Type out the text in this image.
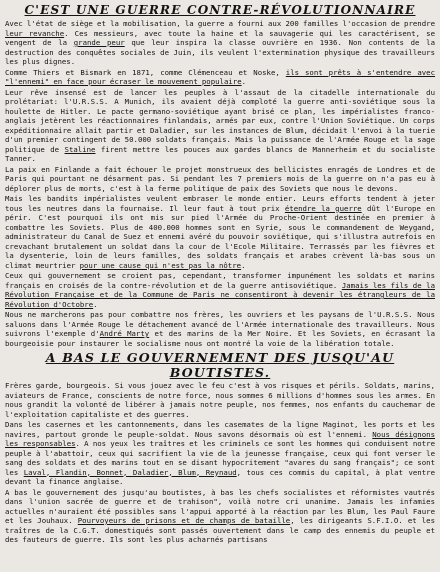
C'EST UNE GUERRE CONTRE-RÉVOLUTIONNAIRE

Avec l'état de siège et la mobilisation, la guerre a fourni aux 200 familles l'occasion de prendre leur revanche. Ces messieurs, avec toute la haine et la sauvagerie qui les caractérisent, se vengent de la grande peur que leur inspira la classe ouvrière en 1936. Non contents de la destruction des conquêtes sociales de Juin, ils veulent l'extermination physique des travailleurs les plus dignes.

Comme Thiers et Bismark en 1871, comme Clémenceau et Noske, ils sont prêts à s'entendre avec "l'ennemi" en face pour écraser le mouvement populaire.

Leur rêve insensé est de lancer les peuples à l'assaut de la citadelle internationale du prolétariat: l'U.R.S.S. A Munich, ils avaient déjà comploté la guerre anti-soviétique sous la houlette de Hitler. Le pacte germano-soviétique ayant brisé ce plan, les impérialistes franco-anglais jetèrent les réactionnaires finlandais, armés par eux, contre l'Union Soviétique. Un corps expéditionnaire allait partir et Daladier, sur les instances de Blum, décidait l'envoi à la tuerie d'un premier contingent de 50.000 soldats français. Mais la puissance de l'Armée Rouge et la sage politique de Staline firent mettre les pouces aux gardes blancs de Mannerheim et du socialiste Tanner.

La paix en Finlande a fait échouer le projet monstrueux des bellicistes enragés de Londres et de Paris qui pourtant ne désarment pas. Si pendant les 7 premiers mois de la guerre on n'a pas eu à déplorer plus de morts, c'est à la ferme politique de paix des Soviets que nous le devons.

Mais les bandits impérialistes veulent embraser le monde entier. Leurs efforts tendent à jeter tous les neutres dans la fournaise. Il leur faut à tout prix étendre la guerre dût l'Europe en périr. C'est pourquoi ils ont mis sur pied l'Armée du Proche-Orient destinée en premier à combattre les Soviets. Plus de 400.000 hommes sont en Syrie, sous le commandement de Weygand, administrateur du Canal de Suez et ennemi avéré du pouvoir soviétique, qui s'illustra autrefois en crevachant brutalement un soldat dans la cour de l'Ecole Militaire. Terrassés par les fièvres et la dysenterie, loin de leurs familles, des soldats français et arabes crèvent là-bas sous un climat meurtrier pour une cause qui n'est pas la nôtre.

Ceux qui gouvernement se croient pas, cependant, transformer impunément les soldats et marins français en croisés de la contre-révolution et de la guerre antisoviétique. Jamais les fils de la Révolution Française et de la Commune de Paris ne consentiront à devenir les étrangleurs de la Révolution d'Octobre.

Nous ne marcherons pas pour combattre nos frères, les ouvriers et les paysans de l'U.R.S.S. Nous saluons dans l'Armée Rouge le détachement avancé de l'Armée internationale des travailleurs. Nous suivrons l'exemple d'André Marty et des marins de la Mer Noire. Et les Soviets, en écrasant la bourgeoisie pour instaurer le socialisme nous ont montré la voie de la libération totale.

A BAS LE GOUVERNEMENT DES JUSQU'AU BOUTISTES.

Frères garde, bourgeois. Si vous jouez avec le feu c'est à vos risques et périls. Soldats, marins, aviateurs de France, conscients de notre force, nous sommes 6 millions d'hommes sous les armes. En nous grandit la volonté de libérer à jamais notre peuple, nos femmes, nos enfants du cauchemar de l'exploitation capitaliste et des guerres.

Dans les casernes et les cantonnements, dans les casemates de la ligne Maginot, les ports et les navires, partout gronde le peuple-soldat. Nous savons désormais où est l'ennemi. Nous désignons les responsables. A nos yeux les traîtres et les criminels ce sont les hommes qui conduisent notre peuple à l'abattoir, ceux qui sacrifient la vie de la jeunesse française, ceux qui font verser le sang des soldats et des marins tout en se disant hypocritement "avares du sang français"; ce sont les Laval, Flandin, Bonnet, Daladier, Blum, Reynaud, tous ces commis du capital, à plat ventre devant la finance anglaise.

A bas le gouvernement des jusqu'au boutistes, à bas les chefs socialistes et réformistes vautrés dans l'union sacrée de guerre et de trahison", voilà notre cri unanime. Jamais les infamies actuelles n'auraient été possibles sans l'appui apporté à la réaction par les Blum, les Paul Faure et les Jouhaux. Pourvoyeurs de prisons et de champs de bataille, les dirigeants S.F.I.O. et les traîtres de la C.G.T. domestiqués sont passés ouvertement dans le camp des ennemis du peuple et des fauteurs de guerre. Ils sont les plus acharnés partisans
